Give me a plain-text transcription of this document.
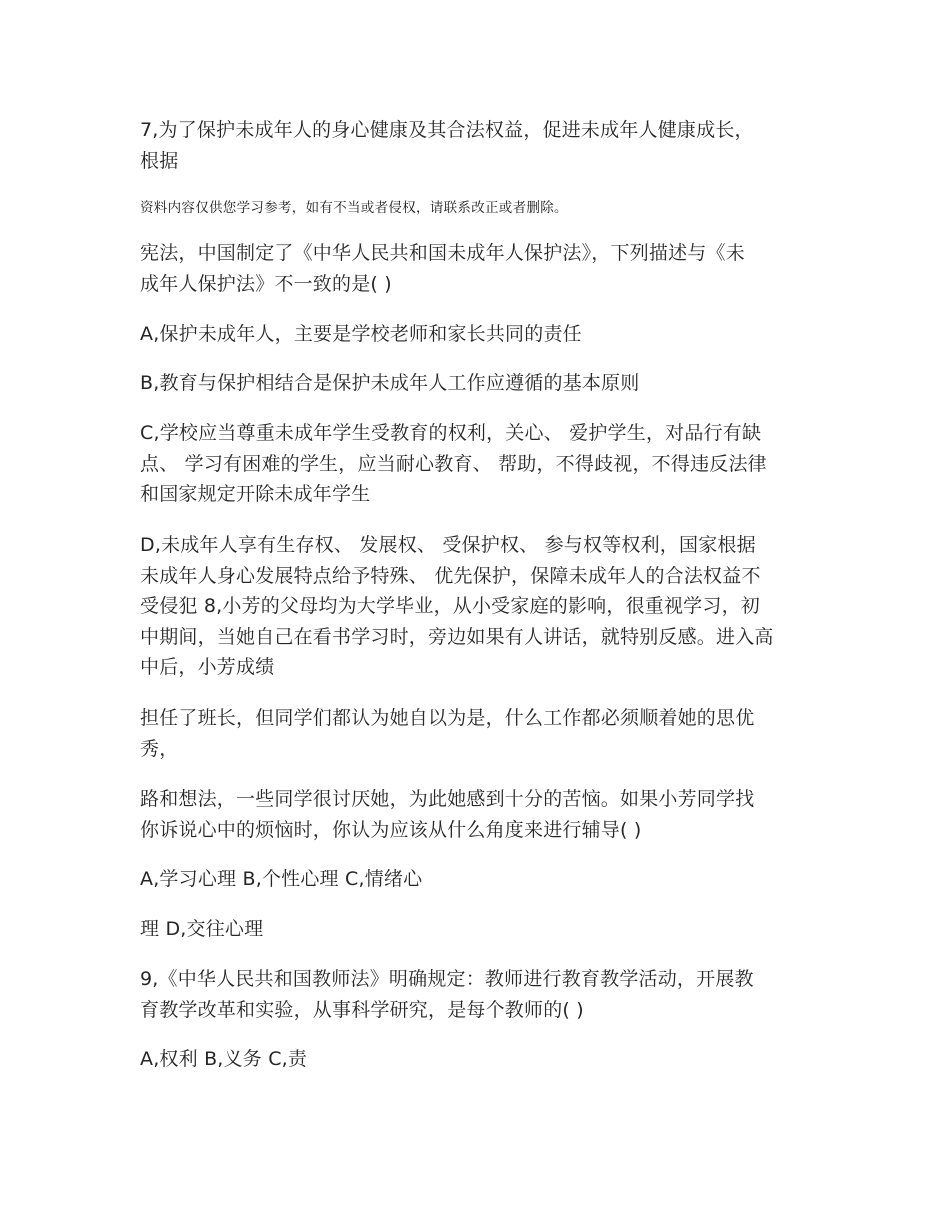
7,为了保护未成年人的身心健康及其合法权益，促进未成年人健康成长，
根据

资料内容仅供您学习参考，如有不当或者侵权，请联系改正或者删除。

宪法，中国制定了《中华人民共和国未成年人保护法》，下列描述与《未
成年人保护法》不一致的是( )

A,保护未成年人，主要是学校老师和家长共同的责任

B,教育与保护相结合是保护未成年人工作应遵循的基本原则

C,学校应当尊重未成年学生受教育的权利，关心、 爱护学生，对品行有缺
点、 学习有困难的学生，应当耐心教育、 帮助，不得歧视，不得违反法律
和国家规定开除未成年学生

D,未成年人享有生存权、 发展权、 受保护权、 参与权等权利，国家根据
未成年人身心发展特点给予特殊、 优先保护，保障未成年人的合法权益不
受侵犯 8,小芳的父母均为大学毕业，从小受家庭的影响，很重视学习，初
中期间，当她自己在看书学习时，旁边如果有人讲话，就特别反感。进入高
中后，小芳成绩

担任了班长，但同学们都认为她自以为是，什么工作都必须顺着她的思优
秀，

路和想法，一些同学很讨厌她，为此她感到十分的苦恼。如果小芳同学找
你诉说心中的烦恼时，你认为应该从什么角度来进行辅导( )

A,学习心理 B,个性心理 C,情绪心

理 D,交往心理

9,《中华人民共和国教师法》明确规定：教师进行教育教学活动，开展教
育教学改革和实验，从事科学研究，是每个教师的( )

A,权利 B,义务 C,责
